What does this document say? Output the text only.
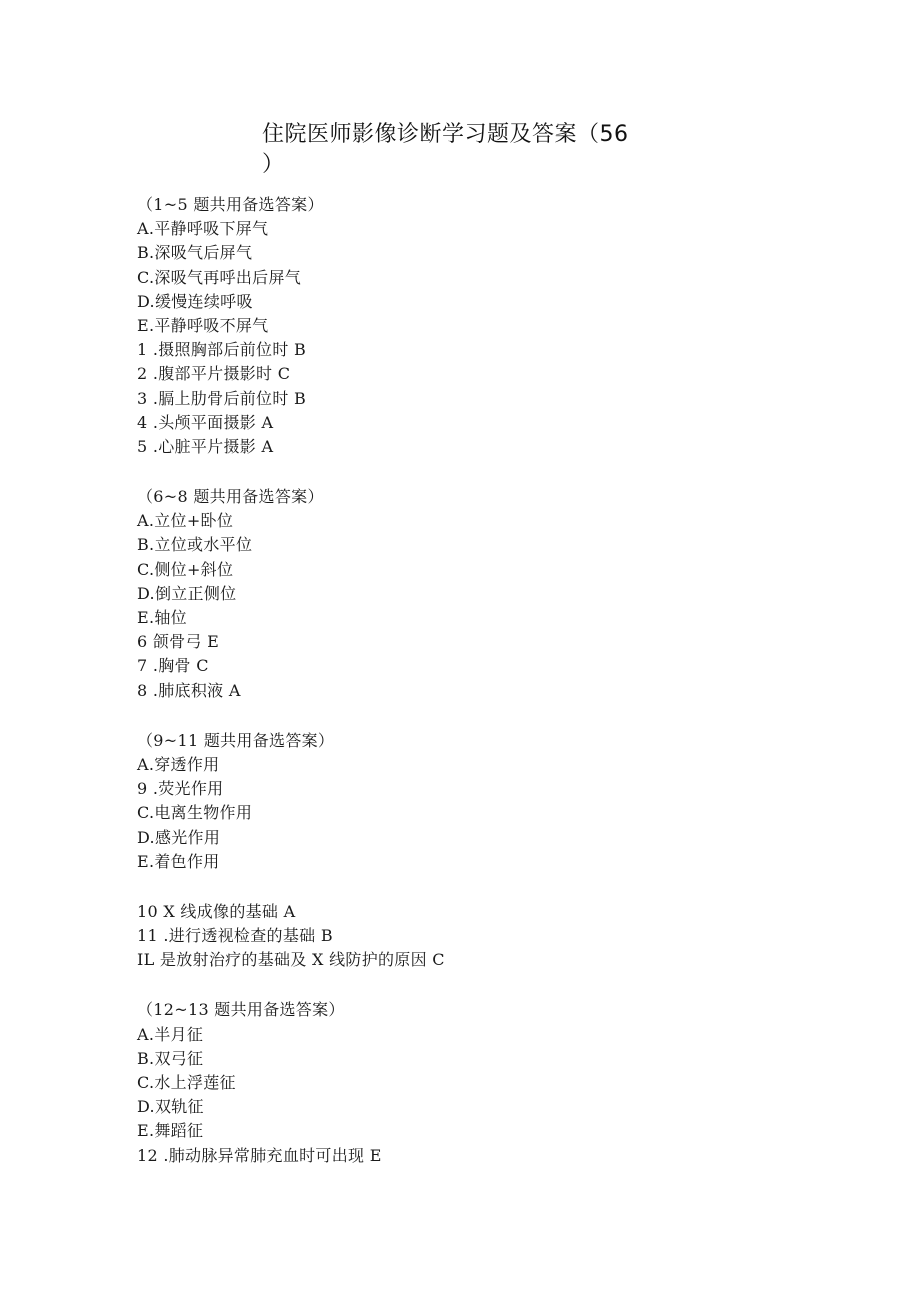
住院医师影像诊断学习题及答案（56
）
（1~5 题共用备选答案）
A.平静呼吸下屏气
B.深吸气后屏气
C.深吸气再呼出后屏气
D.缓慢连续呼吸
E.平静呼吸不屏气
1 .摄照胸部后前位时 B
2 .腹部平片摄影时 C
3 .膈上肋骨后前位时 B
4 .头颅平面摄影 A
5 .心脏平片摄影 A
（6~8 题共用备选答案）
A.立位+卧位
B.立位或水平位
C.侧位+斜位
D.倒立正侧位
E.轴位
6 颌骨弓 E
7 .胸骨 C
8 .肺底积液 A
（9~11 题共用备选答案）
A.穿透作用
9 .荧光作用
C.电离生物作用
D.感光作用
E.着色作用
10 X 线成像的基础 A
11 .进行透视检查的基础 B
IL 是放射治疗的基础及 X 线防护的原因 C
（12~13 题共用备选答案）
A.半月征
B.双弓征
C.水上浮莲征
D.双轨征
E.舞蹈征
12 .肺动脉异常肺充血时可出现 E
